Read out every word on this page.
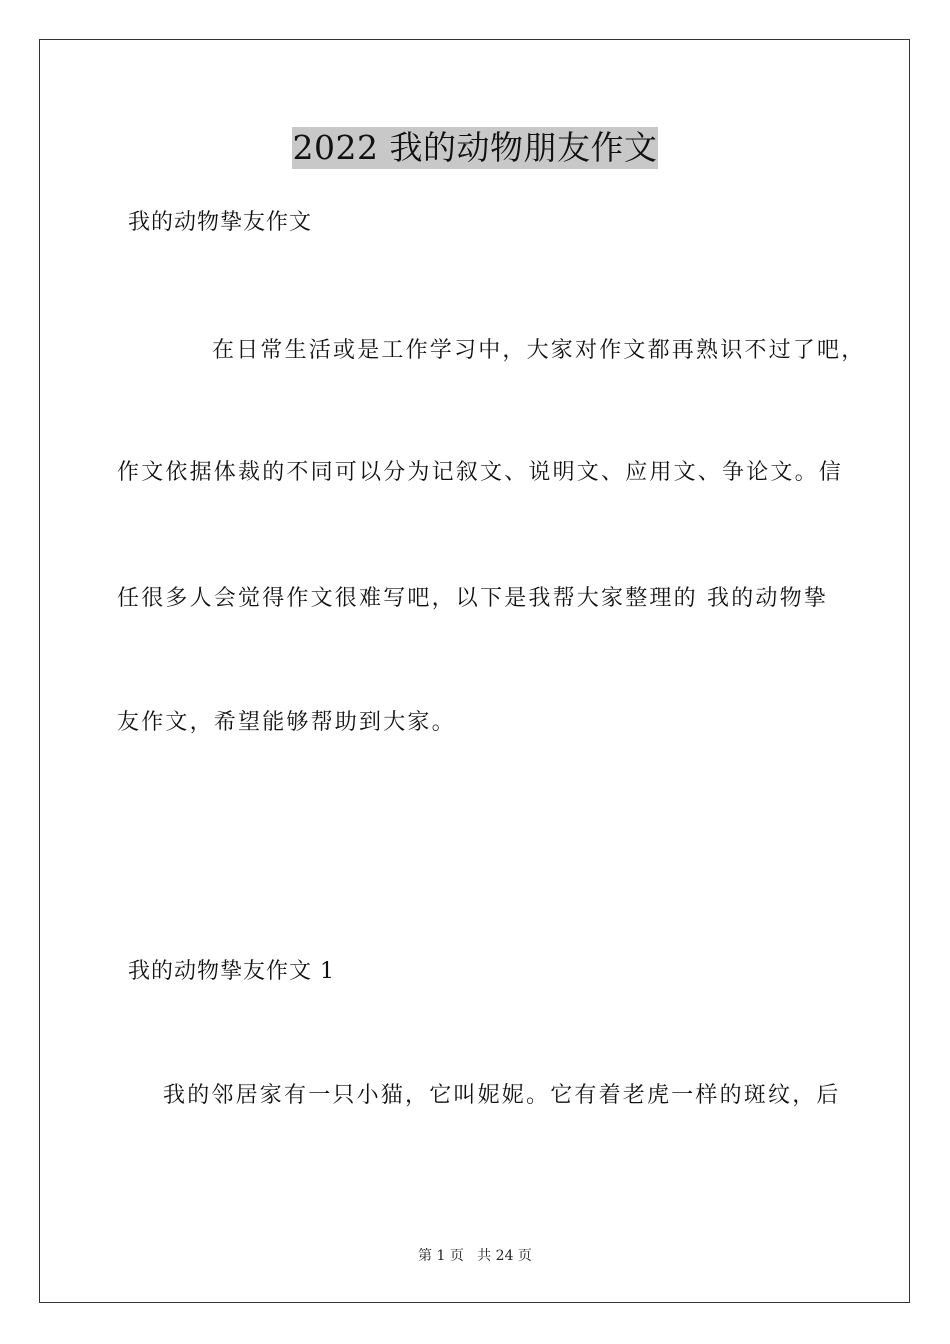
2022 我的动物朋友作文
我的动物挚友作文
在日常生活或是工作学习中，大家对作文都再熟识不过了吧，
作文依据体裁的不同可以分为记叙文、说明文、应用文、争论文。信
任很多人会觉得作文很难写吧，以下是我帮大家整理的 我的动物挚
友作文，希望能够帮助到大家。
我的动物挚友作文 1
我的邻居家有一只小猫，它叫妮妮。它有着老虎一样的斑纹，后
第 1 页 共 24 页
